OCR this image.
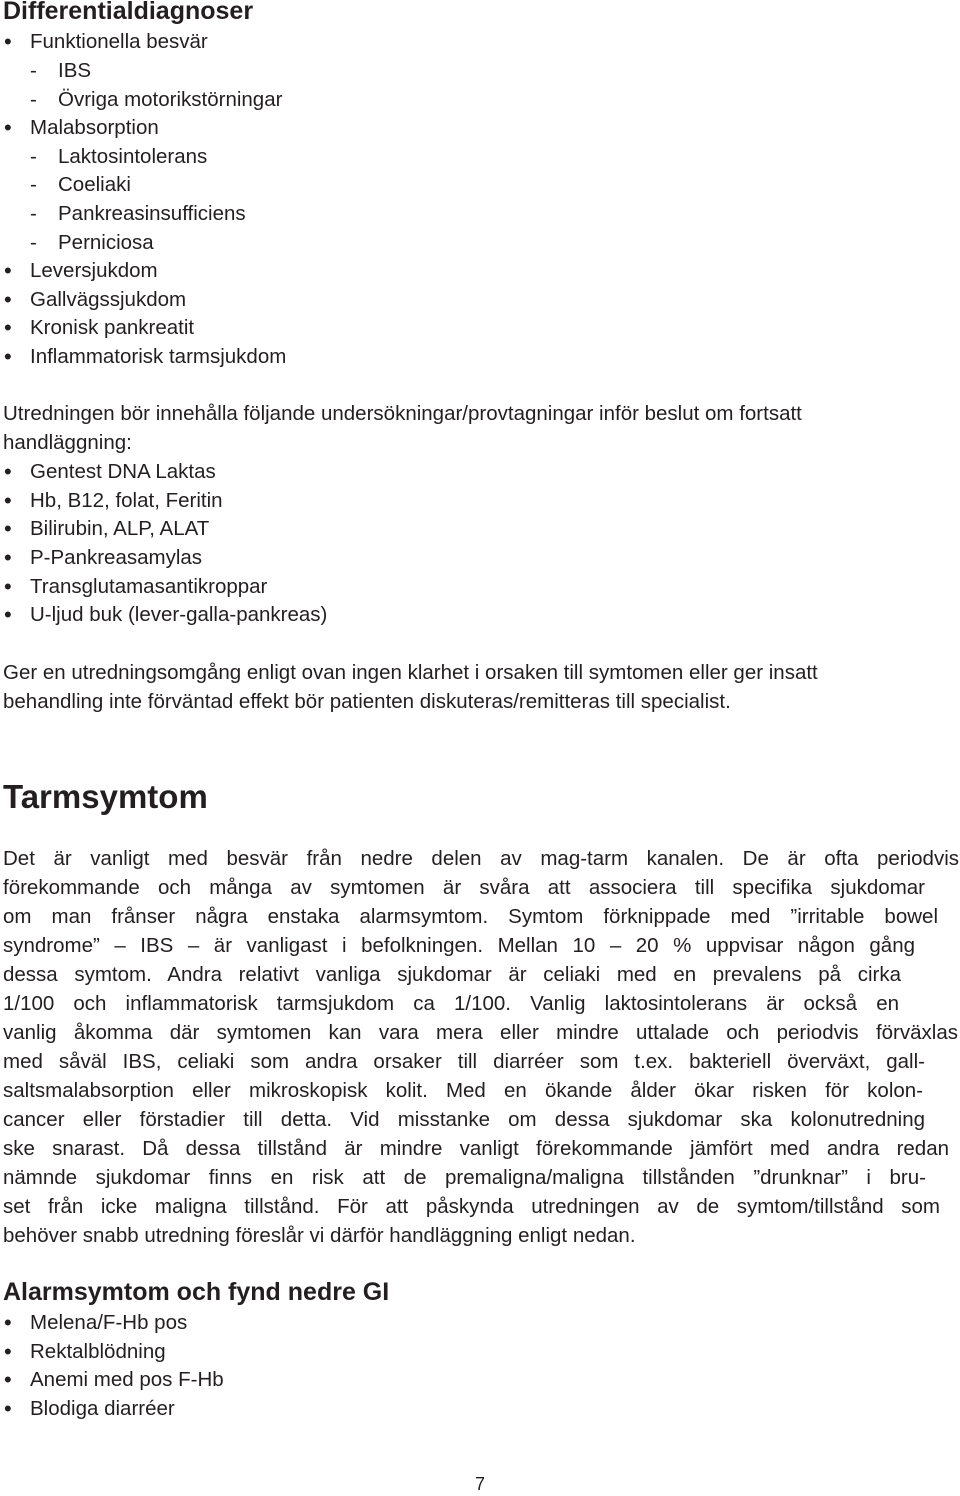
Differentialdiagnoser
• Funktionella besvär
- IBS
- Övriga motorikstörningar
• Malabsorption
- Laktosintolerans
- Coeliaki
- Pankreasinsufficiens
- Perniciosa
• Leversjukdom
• Gallvägssjukdom
• Kronisk pankreatit
• Inflammatorisk tarmsjukdom
Utredningen bör innehålla följande undersökningar/provtagningar inför beslut om fortsatt
handläggning:
• Gentest DNA Laktas
• Hb, B12, folat, Feritin
• Bilirubin, ALP, ALAT
• P-Pankreasamylas
• Transglutamasantikroppar
• U-ljud buk (lever-galla-pankreas)
Ger en utredningsomgång enligt ovan ingen klarhet i orsaken till symtomen eller ger insatt
behandling inte förväntad effekt bör patienten diskuteras/remitteras till specialist.
Tarmsymtom
Det är vanligt med besvär från nedre delen av mag-tarm kanalen. De är ofta periodvis
förekommande och många av symtomen är svåra att associera till specifika sjukdomar
om man frånser några enstaka alarmsymtom. Symtom förknippade med ”irritable bowel
syndrome” – IBS – är vanligast i befolkningen. Mellan 10 – 20 % uppvisar någon gång
dessa symtom. Andra relativt vanliga sjukdomar är celiaki med en prevalens på cirka
1/100 och inflammatorisk tarmsjukdom ca 1/100. Vanlig laktosintolerans är också en
vanlig åkomma där symtomen kan vara mera eller mindre uttalade och periodvis förväxlas
med såväl IBS, celiaki som andra orsaker till diarréer som t.ex. bakteriell överväxt, gall-
saltsmalabsorption eller mikroskopisk kolit. Med en ökande ålder ökar risken för kolon-
cancer eller förstadier till detta. Vid misstanke om dessa sjukdomar ska kolonutredning
ske snarast. Då dessa tillstånd är mindre vanligt förekommande jämfört med andra redan
nämnde sjukdomar finns en risk att de premaligna/maligna tillstånden ”drunknar” i bru-
set från icke maligna tillstånd. För att påskynda utredningen av de symtom/tillstånd som
behöver snabb utredning föreslår vi därför handläggning enligt nedan.
Alarmsymtom och fynd nedre GI
• Melena/F-Hb pos
• Rektalblödning
• Anemi med pos F-Hb
• Blodiga diarréer
7
